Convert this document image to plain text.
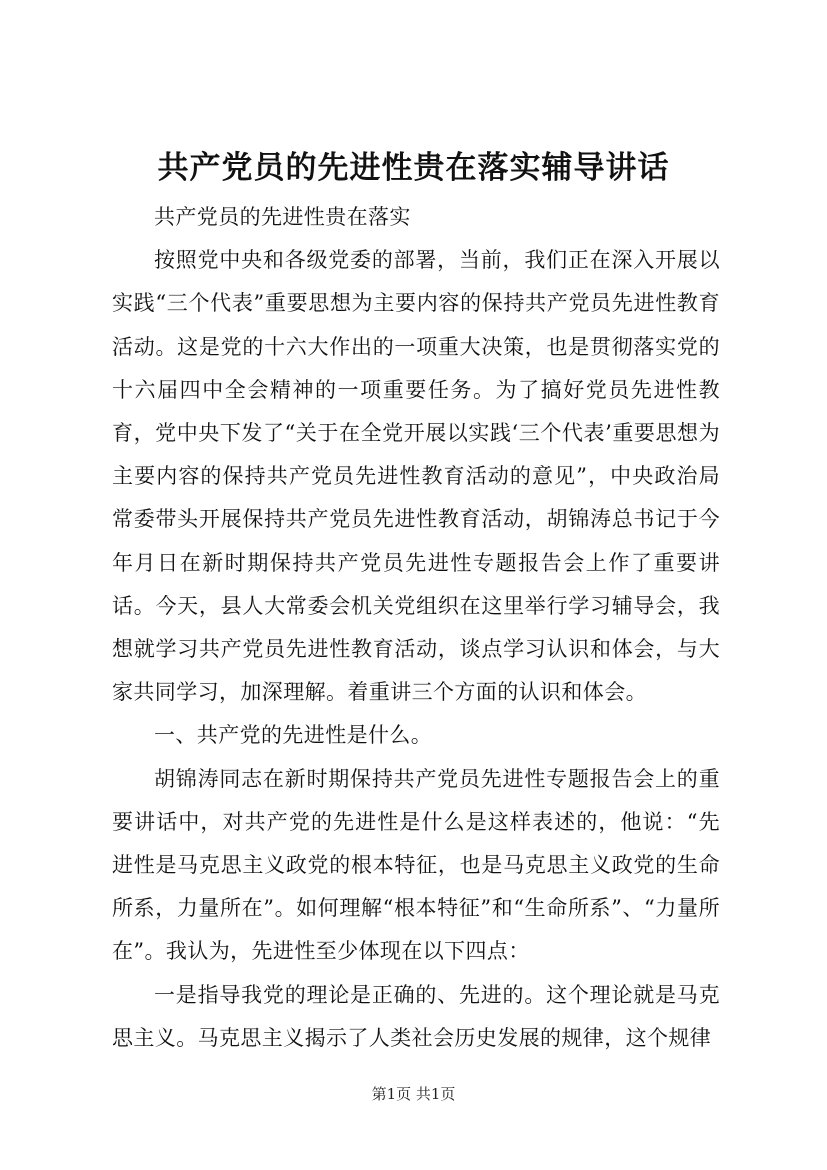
共产党员的先进性贵在落实辅导讲话

共产党员的先进性贵在落实

按照党中央和各级党委的部署，当前，我们正在深入开展以实践“三个代表”重要思想为主要内容的保持共产党员先进性教育活动。这是党的十六大作出的一项重大决策，也是贯彻落实党的十六届四中全会精神的一项重要任务。为了搞好党员先进性教育，党中央下发了“关于在全党开展以实践‘三个代表’重要思想为主要内容的保持共产党员先进性教育活动的意见”，中央政治局常委带头开展保持共产党员先进性教育活动，胡锦涛总书记于今年月日在新时期保持共产党员先进性专题报告会上作了重要讲话。今天，县人大常委会机关党组织在这里举行学习辅导会，我想就学习共产党员先进性教育活动，谈点学习认识和体会，与大家共同学习，加深理解。着重讲三个方面的认识和体会。

一、共产党的先进性是什么。

胡锦涛同志在新时期保持共产党员先进性专题报告会上的重要讲话中，对共产党的先进性是什么是这样表述的，他说：“先进性是马克思主义政党的根本特征，也是马克思主义政党的生命所系，力量所在”。如何理解“根本特征”和“生命所系”、“力量所在”。我认为，先进性至少体现在以下四点：

一是指导我党的理论是正确的、先进的。这个理论就是马克思主义。马克思主义揭示了人类社会历史发展的规律，这个规律

第1页 共1页
